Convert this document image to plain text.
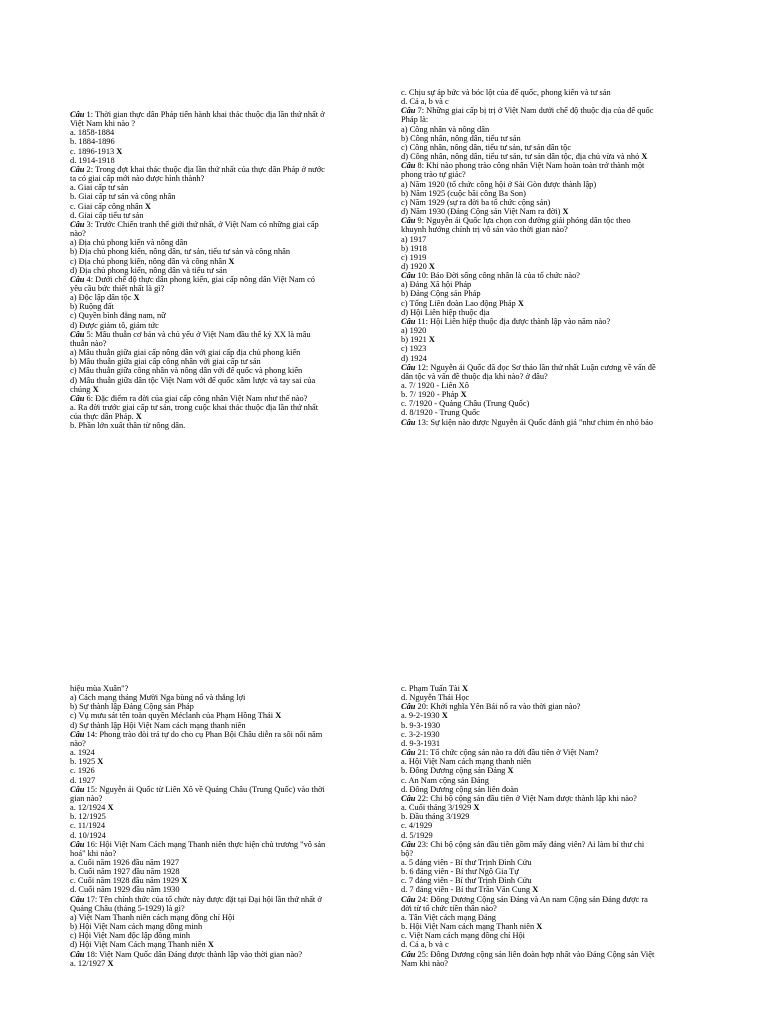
Câu 1: Thời gian thực dân Pháp tiến hành khai thác thuộc địa lần thứ nhất ở
Việt Nam khi nào ?
a. 1858-1884
b. 1884-1896
c. 1896-1913 X
d. 1914-1918
Câu 2: Trong đợt khai thác thuộc địa lần thứ nhất của thực dân Pháp ở nước
ta có giai cấp mới nào được hình thành?
a. Giai cấp tư sản
b. Giai cấp tư sản và công nhân
c. Giai cấp công nhân X
d. Giai cấp tiểu tư sản
Câu 3: Trước Chiến tranh thế giới thứ nhất, ở Việt Nam có những giai cấp
nào?
a) Địa chủ phong kiến và nông dân
b) Địa chủ phong kiến, nông dân, tư sản, tiểu tư sản và công nhân
c) Địa chủ phong kiến, nông dân và công nhân X
d) Địa chủ phong kiến, nông dân và tiểu tư sản
Câu 4: Dưới chế độ thực dân phong kiến, giai cấp nông dân Việt Nam có
yêu cầu bức thiết nhất là gì?
a) Độc lập dân tộc X
b) Ruộng đất
c) Quyền bình đẳng nam, nữ
d) Được giảm tô, giảm tức
Câu 5: Mâu thuẫn cơ bản và chủ yếu ở Việt Nam đầu thế kỷ XX là mâu
thuẫn nào?
a) Mâu thuẫn giữa giai cấp nông dân với giai cấp địa chủ phong kiến
b) Mâu thuẫn giữa giai cấp công nhân với giai cấp tư sản
c) Mâu thuẫn giữa công nhân và nông dân với đế quốc và phong kiến
d) Mâu thuẫn giữa dân tộc Việt Nam với đế quốc xâm lược và tay sai của
chúng X
Câu 6: Đặc điểm ra đời của giai cấp công nhân Việt Nam như thế nào?
a. Ra đời trước giai cấp tư sản, trong cuộc khai thác thuộc địa lần thứ nhất
của thực dân Pháp. X
b. Phần lớn xuất thân từ nông dân.
c. Chịu sự áp bức và bóc lột của đế quốc, phong kiến và tư sản
d. Cả a, b và c
Câu 7: Những giai cấp bị trị ở Việt Nam dưới chế độ thuộc địa của đế quốc
Pháp là:
a) Công nhân và nông dân
b) Công nhân, nông dân, tiểu tư sản
c) Công nhân, nông dân, tiểu tư sản, tư sản dân tộc
d) Công nhân, nông dân, tiểu tư sản, tư sản dân tộc, địa chủ vừa và nhỏ X
Câu 8: Khi nào phong trào công nhân Việt Nam hoàn toàn trở thành một
phong trào tự giác?
a) Năm 1920 (tổ chức công hội ở Sài Gòn được thành lập)
b) Năm 1925 (cuộc bãi công Ba Son)
c) Năm 1929 (sự ra đời ba tổ chức cộng sản)
d) Năm 1930 (Đảng Cộng sản Việt Nam ra đời) X
Câu 9: Nguyễn ái Quốc lựa chọn con đường giải phóng dân tộc theo
khuynh hướng chính trị vô sản vào thời gian nào?
a) 1917
b) 1918
c) 1919
d) 1920 X
Câu 10: Báo Đời sống công nhân là của tổ chức nào?
a) Đảng Xã hội Pháp
b) Đảng Cộng sản Pháp
c) Tổng Liên đoàn Lao động Pháp X
d) Hội Liên hiệp thuộc địa
Câu 11: Hội Liên hiệp thuộc địa được thành lập vào năm nào?
a) 1920
b) 1921 X
c) 1923
d) 1924
Câu 12: Nguyễn ái Quốc đã đọc Sơ thảo lần thứ nhất Luận cương về vấn đề
dân tộc và vấn đề thuộc địa khi nào? ở đâu?
a. 7/ 1920 - Liên Xô
b. 7/ 1920 - Pháp X
c. 7/1920 - Quảng Châu (Trung Quốc)
d. 8/1920 - Trung Quốc
Câu 13: Sự kiện nào được Nguyễn ái Quốc đánh giá "như chim én nhỏ báo
hiệu mùa Xuân"?
a) Cách mạng tháng Mười Nga bùng nổ và thắng lợi
b) Sự thành lập Đảng Cộng sản Pháp
c) Vụ mưu sát tên toàn quyền Méclanh của Phạm Hồng Thái X
d) Sự thành lập Hội Việt Nam cách mạng thanh niên
Câu 14: Phong trào đòi trả tự do cho cụ Phan Bội Châu diễn ra sôi nổi năm
nào?
a. 1924
b. 1925 X
c. 1926
d. 1927
Câu 15: Nguyễn ái Quốc từ Liên Xô về Quảng Châu (Trung Quốc) vào thời
gian nào?
a. 12/1924 X
b. 12/1925
c. 11/1924
d. 10/1924
Câu 16: Hội Việt Nam Cách mạng Thanh niên thực hiện chủ trương "vô sản
hoá" khi nào?
a. Cuối năm 1926 đầu năm 1927
b. Cuối năm 1927 đầu năm 1928
c. Cuối năm 1928 đầu năm 1929 X
d. Cuối năm 1929 đầu năm 1930
Câu 17: Tên chính thức của tổ chức này được đặt tại Đại hội lần thứ nhất ở
Quảng Châu (tháng 5-1929) là gì?
a) Việt Nam Thanh niên cách mạng đồng chí Hội
b) Hội Việt Nam cách mạng đồng minh
c) Hội Việt Nam độc lập đồng minh
d) Hội Việt Nam Cách mạng Thanh niên X
Câu 18: Việt Nam Quốc dân Đảng được thành lập vào thời gian nào?
a. 12/1927 X
c. Phạm Tuấn Tài X
d. Nguyễn Thái Học
Câu 20: Khởi nghĩa Yên Bái nổ ra vào thời gian nào?
a. 9-2-1930 X
b. 9-3-1930
c. 3-2-1930
d. 9-3-1931
Câu 21: Tổ chức cộng sản nào ra đời đầu tiên ở Việt Nam?
a. Hội Việt Nam cách mạng thanh niên
b. Đông Dương cộng sản Đảng X
c. An Nam cộng sản Đảng
d. Đông Dương cộng sản liên đoàn
Câu 22: Chi bộ cộng sản đầu tiên ở Việt Nam được thành lập khi nào?
a. Cuối tháng 3/1929 X
b. Đầu tháng 3/1929
c. 4/1929
d. 5/1929
Câu 23: Chi bộ cộng sản đầu tiên gồm mấy đảng viên? Ai làm bí thư chi
bộ?
a. 5 đảng viên - Bí thư Trịnh Đình Cửu
b. 6 đảng viên - Bí thư Ngô Gia Tự
c. 7 đảng viên - Bí thư Trịnh Đình Cửu
d. 7 đảng viên - Bí thư Trần Văn Cung X
Câu 24: Đông Dương Cộng sản Đảng và An nam Cộng sản Đảng được ra
đời từ tổ chức tiền thân nào?
a. Tân Việt cách mạng Đảng
b. Hội Việt Nam cách mạng Thanh niên X
c. Việt Nam cách mạng đồng chí Hội
d. Cả a, b và c
Câu 25: Đông Dương cộng sản liên đoàn hợp nhất vào Đảng Cộng sản Việt
Nam khi nào?
